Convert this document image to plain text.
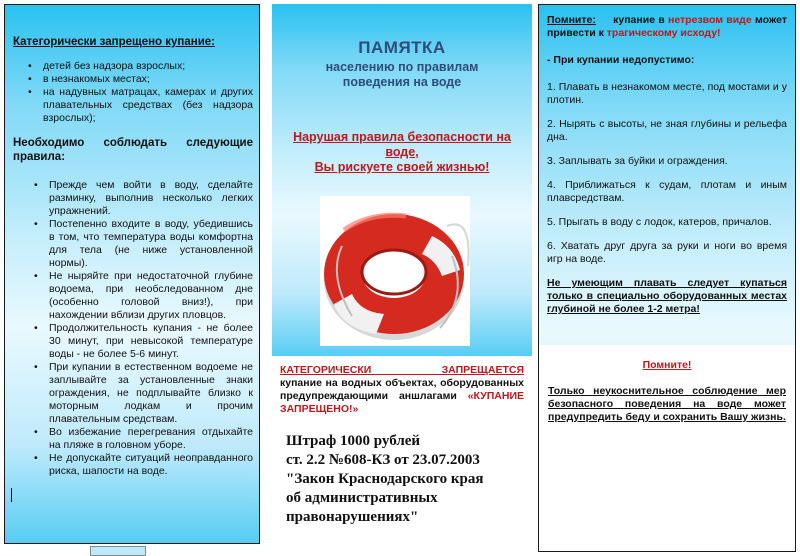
Категорически запрещено купание:

• детей без надзора взрослых;
• в незнакомых местах;
• на надувных матрацах, камерах и других плавательных средствах (без надзора взрослых);

Необходимо соблюдать следующие правила:

• Прежде чем войти в воду, сделайте разминку, выполнив несколько легких упражнений.
• Постепенно входите в воду, убедившись в том, что температура воды комфортна для тела (не ниже установленной нормы).
• Не ныряйте при недостаточной глубине водоема, при необследованном дне (особенно головой вниз!), при нахождении вблизи других пловцов.
• Продолжительность купания - не более 30 минут, при невысокой температуре воды - не более 5-6 минут.
• При купании в естественном водоеме не заплывайте за установленные знаки ограждения, не подплывайте близко к моторным лодкам и прочим плавательным средствам.
• Во избежание перегревания отдыхайте на пляже в головном уборе.
• Не допускайте ситуаций неоправданного риска, шапости на воде.
ПАМЯТКА
населению по правилам
поведения на воде
Нарушая правила безопасности на
воде,
Вы рискуете своей жизнью!
КАТЕГОРИЧЕСКИ ЗАПРЕЩАЕТСЯ
купание на водных объектах, оборудованных предупреждающими аншлагами «КУПАНИЕ ЗАПРЕЩЕНО!»
Штраф 1000 рублей
ст. 2.2 №608-КЗ от 23.07.2003
"Закон Краснодарского края
об административных
правонарушениях"
Помните: купание в нетрезвом виде может привести к трагическому исходу!
- При купании недопустимо:
1. Плавать в незнакомом месте, под мостами и у плотин.
2. Нырять с высоты, не зная глубины и рельефа дна.
3. Заплывать за буйки и ограждения.
4. Приближаться к судам, плотам и иным плавсредствам.
5. Прыгать в воду с лодок, катеров, причалов.
6. Хватать друг друга за руки и ноги во время игр на воде.
Не умеющим плавать следует купаться только в специально оборудованных местах глубиной не более 1-2 метра!
Помните!
Только неукоснительное соблюдение мер безопасного поведения на воде может предупредить беду и сохранить Вашу жизнь.
